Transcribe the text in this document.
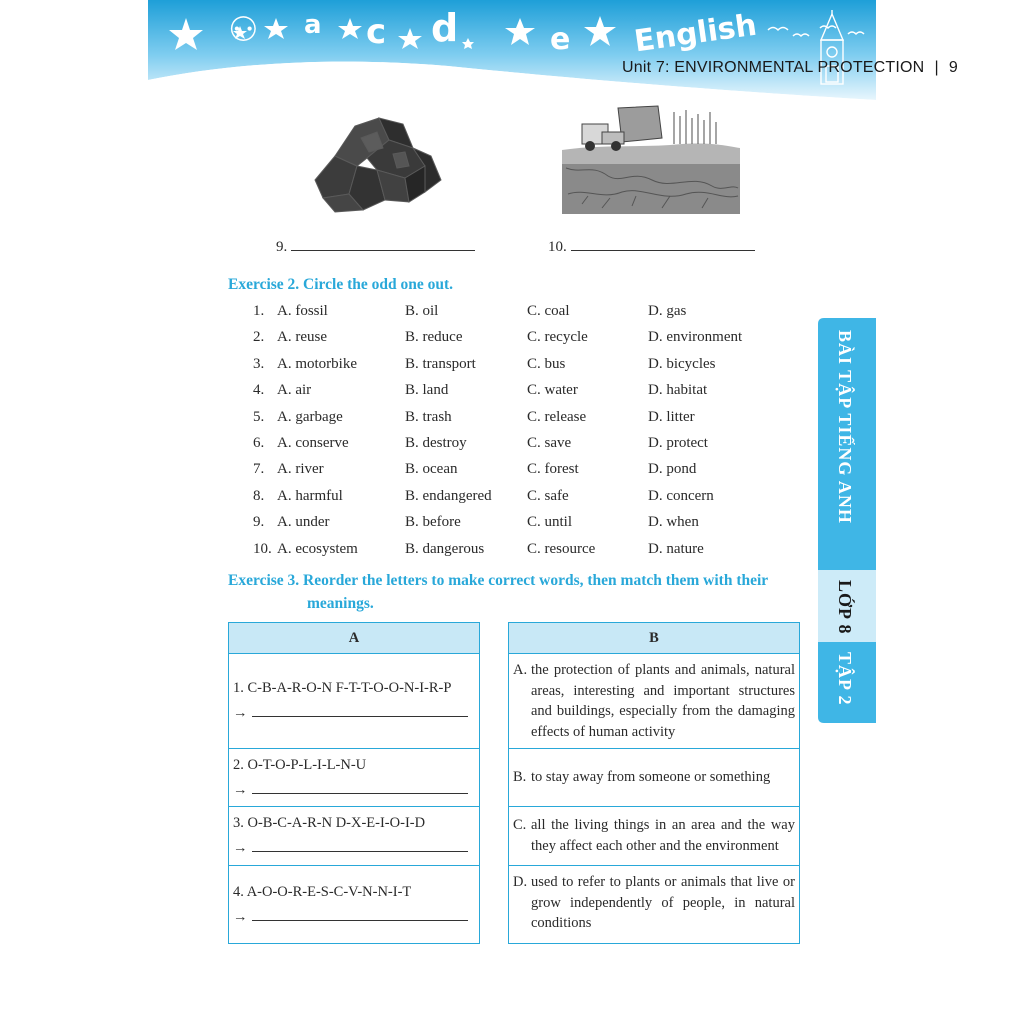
⚇ a c d	e English
Unit 7: ENVIRONMENTAL PROTECTION | 9
9.	10.
Exercise 2. Circle the odd one out.
1. A. fossil	B. oil	C. coal	D. gas
2. A. reuse	B. reduce	C. recycle	D. environment
3. A. motorbike	B. transport	C. bus	D. bicycles
4. A. air	B. land	C. water	D. habitat
5. A. garbage	B. trash	C. release	D. litter
6. A. conserve	B. destroy	C. save	D. protect
7. A. river	B. ocean	C. forest	D. pond
8. A. harmful	B. endangered C. safe	D. concern
9. A. under	B. before	C. until	D. when
10. A. ecosystem	B. dangerous	C. resource	D. nature
Exercise 3. Reorder the letters to make correct words, then match them with their
meanings.
A
1. C-B-A-R-O-N F-T-T-O-O-N-I-R-P
→
2. O-T-O-P-L-I-L-N-U
→
3. O-B-C-A-R-N D-X-E-I-O-I-D
→
4. A-O-O-R-E-S-C-V-N-N-I-T
→
B
A. the protection of plants and animals, natural areas, interesting and important structures and buildings, especially from the damaging effects of human activity
B. to stay away from someone or something
C. all the living things in an area and the way they affect each other and the environment
D. used to refer to plants or animals that live or grow independently of people, in natural conditions
BÀI TẬP TIẾNG ANH
LỚP 8
TẬP 2
